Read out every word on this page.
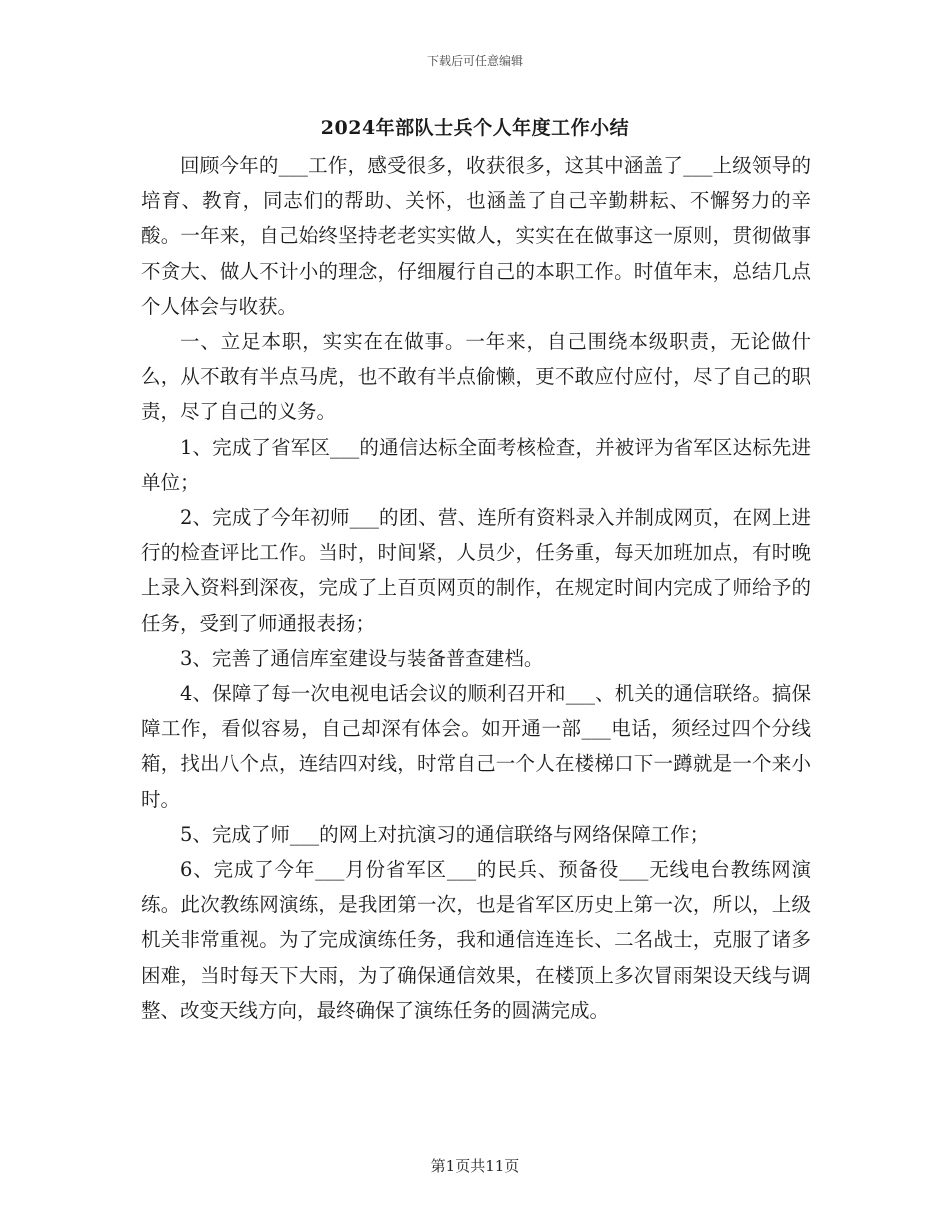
下载后可任意编辑
2024年部队士兵个人年度工作小结

回顾今年的___工作，感受很多，收获很多，这其中涵盖了___上级领导的培育、教育，同志们的帮助、关怀，也涵盖了自己辛勤耕耘、不懈努力的辛酸。一年来，自己始终坚持老老实实做人，实实在在做事这一原则，贯彻做事不贪大、做人不计小的理念，仔细履行自己的本职工作。时值年末，总结几点个人体会与收获。

一、立足本职，实实在在做事。一年来，自己围绕本级职责，无论做什么，从不敢有半点马虎，也不敢有半点偷懒，更不敢应付应付，尽了自己的职责，尽了自己的义务。

1、完成了省军区___的通信达标全面考核检查，并被评为省军区达标先进单位；

2、完成了今年初师___的团、营、连所有资料录入并制成网页，在网上进行的检查评比工作。当时，时间紧，人员少，任务重，每天加班加点，有时晚上录入资料到深夜，完成了上百页网页的制作，在规定时间内完成了师给予的任务，受到了师通报表扬；

3、完善了通信库室建设与装备普查建档。

4、保障了每一次电视电话会议的顺利召开和___、机关的通信联络。搞保障工作，看似容易，自己却深有体会。如开通一部___电话，须经过四个分线箱，找出八个点，连结四对线，时常自己一个人在楼梯口下一蹲就是一个来小时。

5、完成了师___的网上对抗演习的通信联络与网络保障工作；

6、完成了今年___月份省军区___的民兵、预备役___无线电台教练网演练。此次教练网演练，是我团第一次，也是省军区历史上第一次，所以，上级机关非常重视。为了完成演练任务，我和通信连连长、二名战士，克服了诸多困难，当时每天下大雨，为了确保通信效果，在楼顶上多次冒雨架设天线与调整、改变天线方向，最终确保了演练任务的圆满完成。

第1页共11页
